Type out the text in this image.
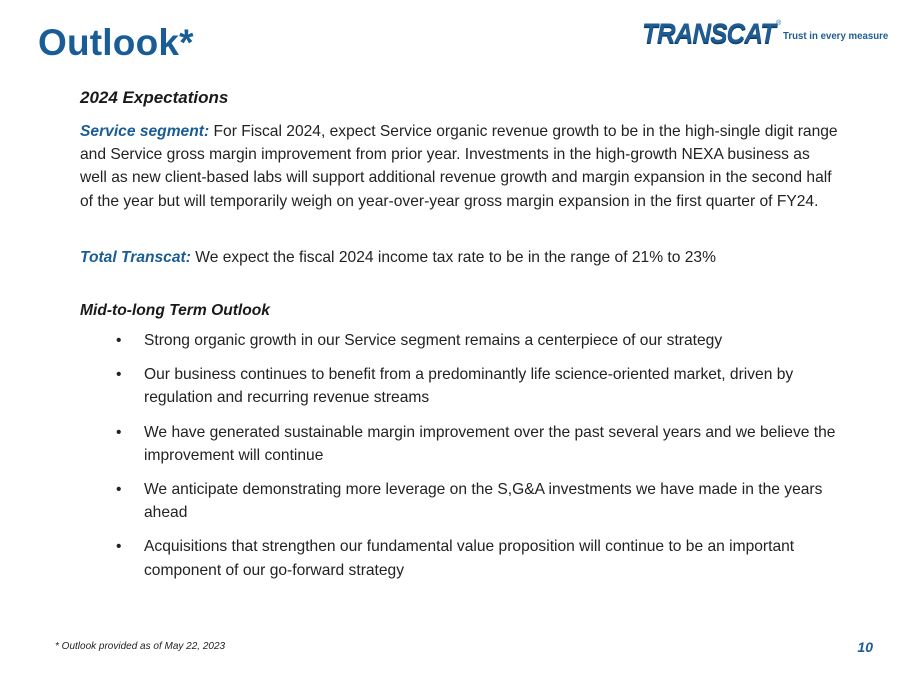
Outlook*	TRANSCAT ®
Trust in every measure
2024 Expectations

Service segment: For Fiscal 2024, expect Service organic revenue growth to be in the high-single digit range and Service gross margin improvement from prior year. Investments in the high-growth NEXA business as well as new client-based labs will support additional revenue growth and margin expansion in the second half of the year but will temporarily weigh on year-over-year gross margin expansion in the first quarter of FY24.

Total Transcat: We expect the fiscal 2024 income tax rate to be in the range of 21% to 23%

Mid-to-long Term Outlook
• Strong organic growth in our Service segment remains a centerpiece of our strategy
• Our business continues to benefit from a predominantly life science-oriented market, driven by regulation and recurring revenue streams
• We have generated sustainable margin improvement over the past several years and we believe the improvement will continue
• We anticipate demonstrating more leverage on the S,G&A investments we have made in the years ahead
• Acquisitions that strengthen our fundamental value proposition will continue to be an important component of our go-forward strategy
* Outlook provided as of May 22, 2023	10
